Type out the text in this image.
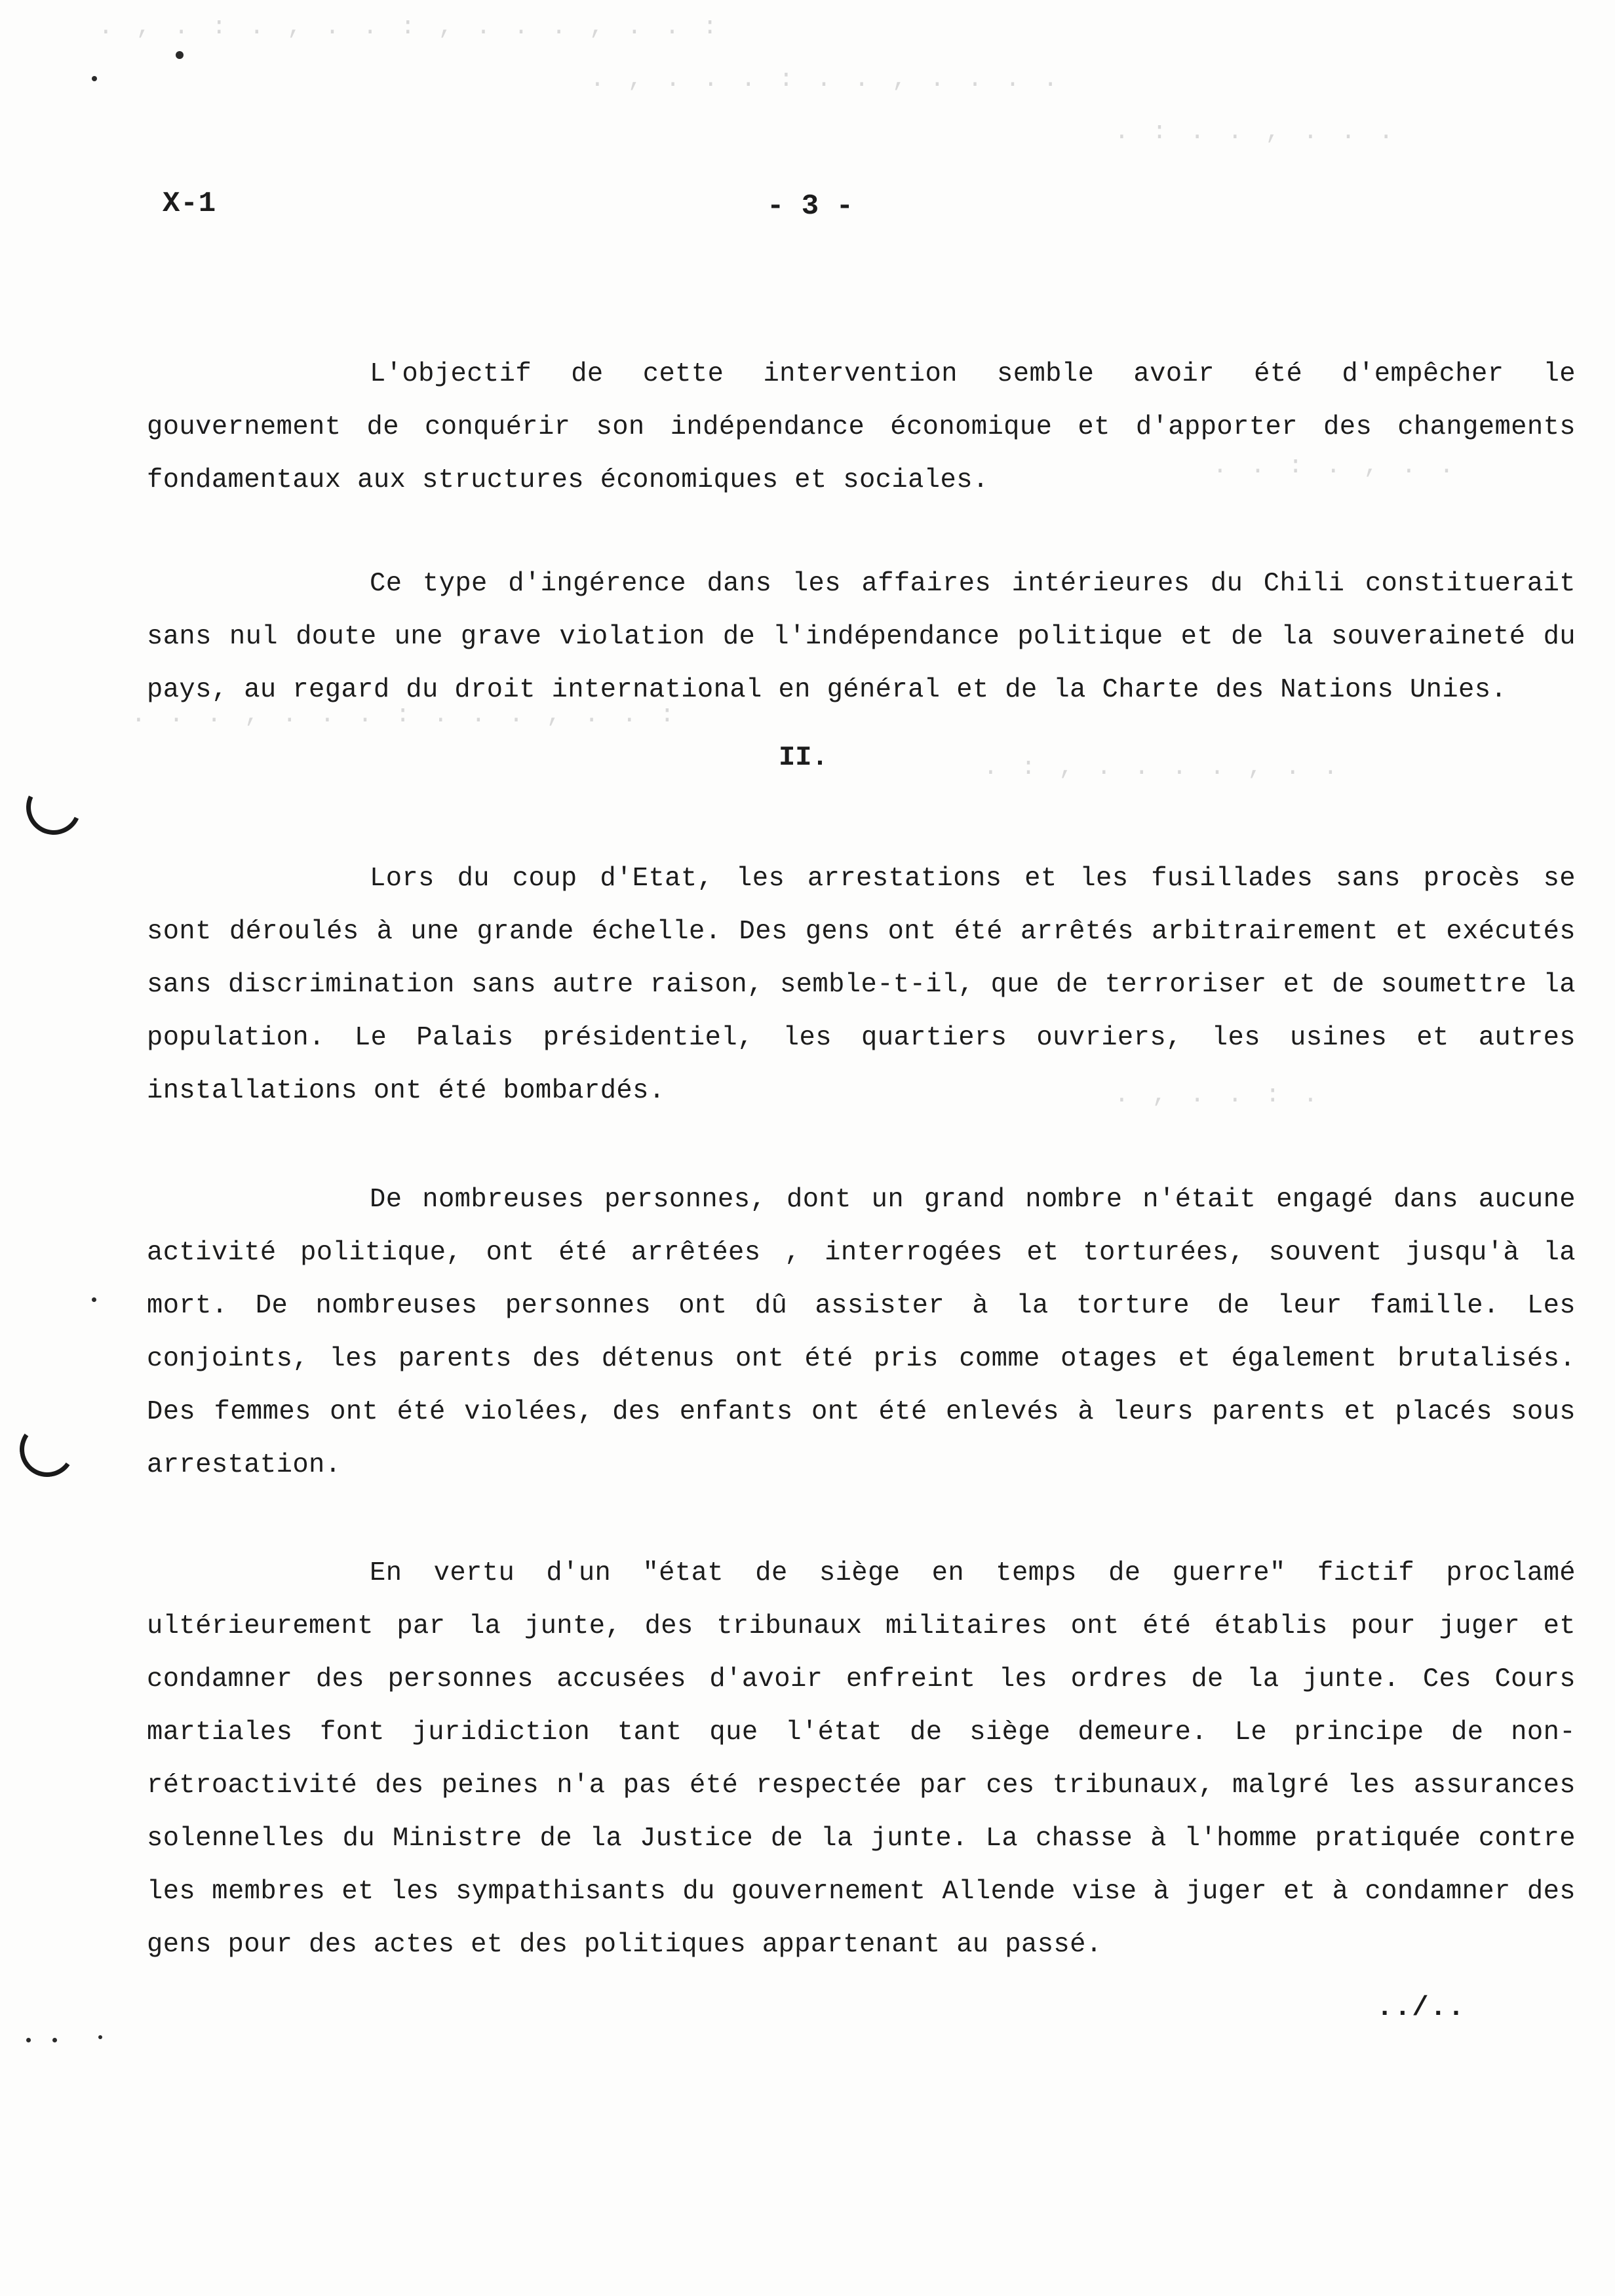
. , . : . , . . : , . . . , . . :
. , . . . : . . , . . . .
. : . . , . . .
. . : . , . .
. . . , . . . : . . . , . . :
. : , . . . . , . .
. , . . : .
X-1	- 3 -

L'objectif de cette intervention semble avoir été d'empêcher le gouvernement de conquérir son indépendance économique et d'apporter des changements fondamentaux aux structures économiques et sociales.

Ce type d'ingérence dans les affaires intérieures du Chili constituerait sans nul doute une grave violation de l'indépendance politique et de la souveraineté du pays, au regard du droit international en général et de la Charte des Nations Unies.

II.

Lors du coup d'Etat, les arrestations et les fusillades sans procès se sont déroulés à une grande échelle. Des gens ont été arrêtés arbitrairement et exécutés sans discrimination sans autre raison, semble-t-il, que de terroriser et de soumettre la population. Le Palais présidentiel, les quartiers ouvriers, les usines et autres installations ont été bombardés.

De nombreuses personnes, dont un grand nombre n'était engagé dans aucune activité politique, ont été arrêtées , interrogées et torturées, souvent jusqu'à la mort. De nombreuses personnes ont dû assister à la torture de leur famille. Les conjoints, les parents des détenus ont été pris comme otages et également brutalisés. Des femmes ont été violées, des enfants ont été enlevés à leurs parents et placés sous arrestation.

En vertu d'un "état de siège en temps de guerre" fictif proclamé ultérieurement par la junte, des tribunaux militaires ont été établis pour juger et condamner des personnes accusées d'avoir enfreint les ordres de la junte. Ces Cours martiales font juridiction tant que l'état de siège demeure. Le principe de non-rétroactivité des peines n'a pas été respectée par ces tribunaux, malgré les assurances solennelles du Ministre de la Justice de la junte. La chasse à l'homme pratiquée contre les membres et les sympathisants du gouvernement Allende vise à juger et à condamner des gens pour des actes et des politiques appartenant au passé.

../..
